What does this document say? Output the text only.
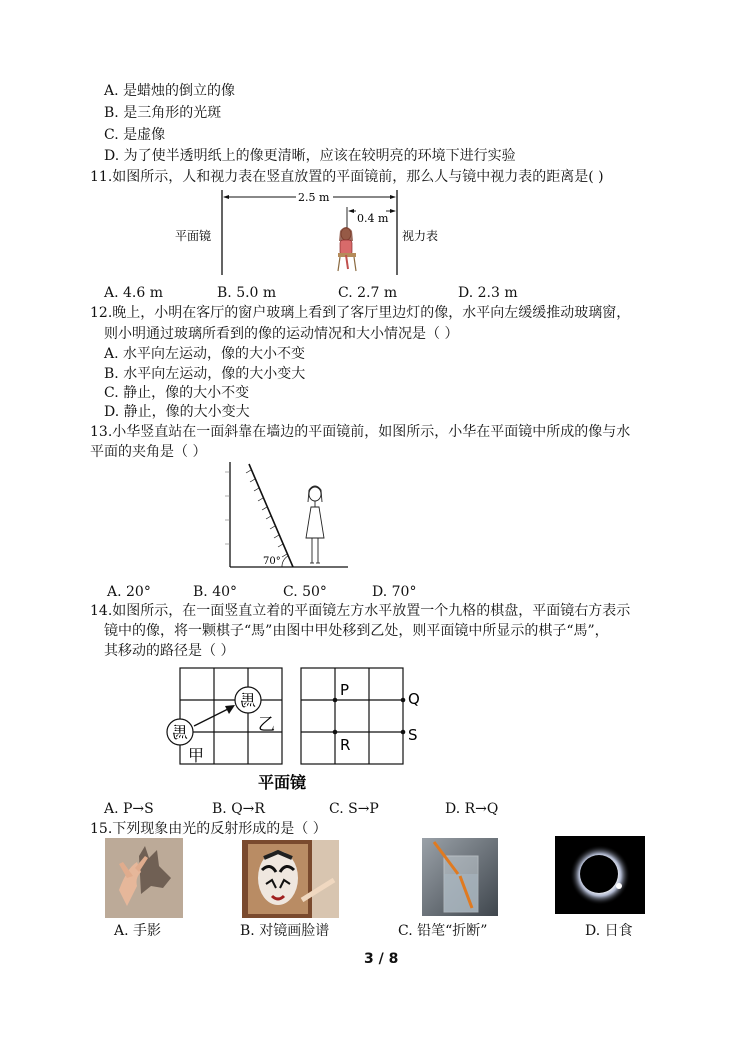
A. 是蜡烛的倒立的像
B. 是三角形的光斑
C. 是虚像
D. 为了使半透明纸上的像更清晰，应该在较明亮的环境下进行实验
11.如图所示，人和视力表在竖直放置的平面镜前，那么人与镜中视力表的距离是( )
2.5 m
0.4 m
平面镜	视力表
A. 4.6 m	B. 5.0 m	C. 2.7 m	D. 2.3 m
12.晚上，小明在客厅的窗户玻璃上看到了客厅里边灯的像，水平向左缓缓推动玻璃窗，
则小明通过玻璃所看到的像的运动情况和大小情况是（ ）
A. 水平向左运动，像的大小不变
B. 水平向左运动，像的大小变大
C. 静止，像的大小不变
D. 静止，像的大小变大
13.小华竖直站在一面斜靠在墙边的平面镜前，如图所示，小华在平面镜中所成的像与水
平面的夹角是（ ）
70°
A. 20°	B. 40°	C. 50°	D. 70°
14.如图所示，在一面竖直立着的平面镜左方水平放置一个九格的棋盘，平面镜右方表示
镜中的像，将一颗棋子“馬”由图中甲处移到乙处，则平面镜中所显示的棋子“馬”，
其移动的路径是（ ）
馬
馬
甲
乙
P	Q
R
S
平面镜
A. P→S	B. Q→R	C. S→P	D. R→Q
15.下列现象由光的反射形成的是（ ）
A. 手影	B. 对镜画脸谱	C. 铅笔“折断”	D. 日食
3 / 8
